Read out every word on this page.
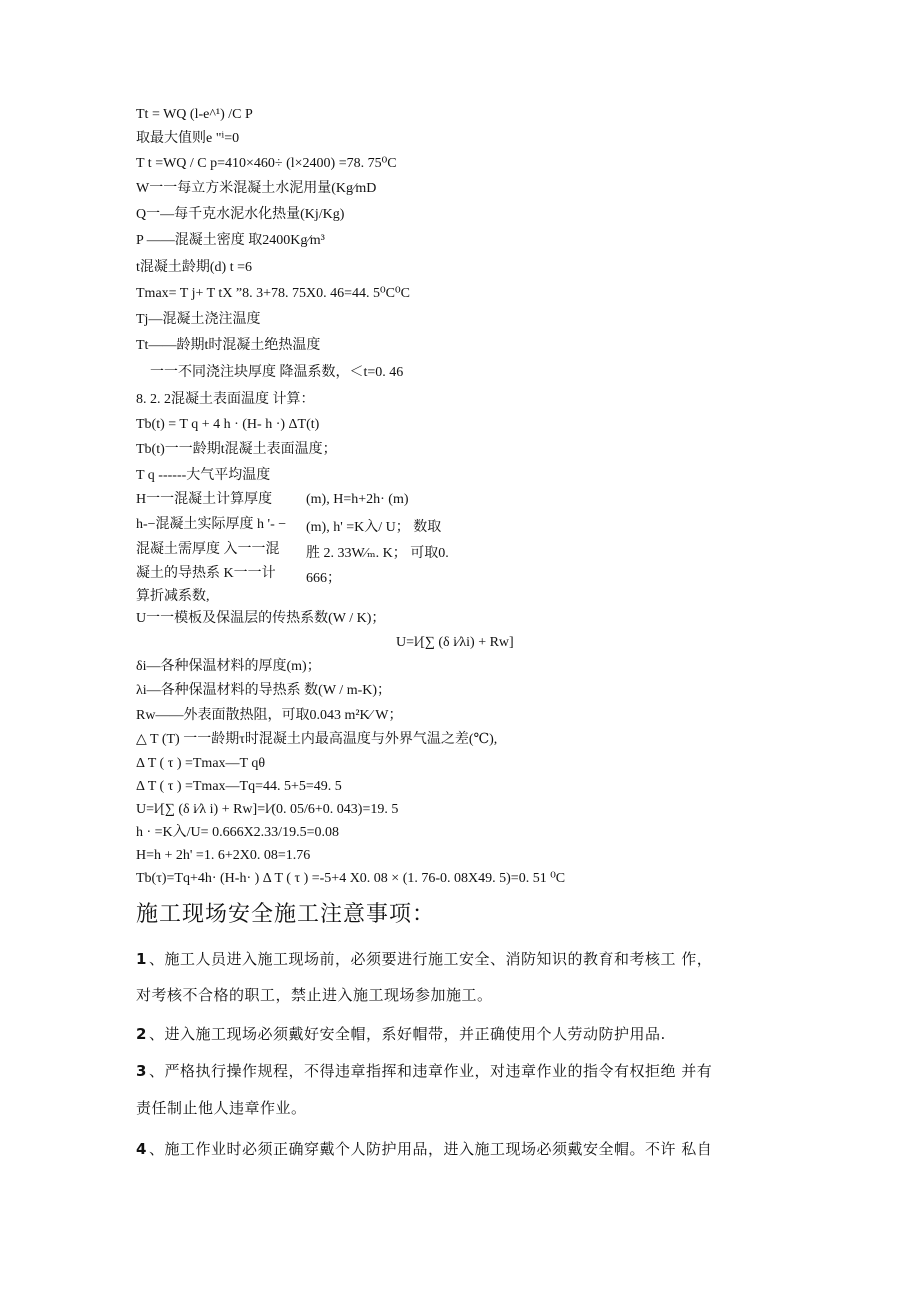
Tt = WQ (l-e^¹) /C P
取最大值则e "ⁱ=0
T t =WQ / C p=410×460÷ (l×2400) =78. 75⁰C
W一一每立方米混凝土水泥用量(Kg⁄mD
Q一—每千克水泥水化热量(Kj/Kg)
P ——混凝土密度 取2400Kg⁄m³
t混凝土龄期(d) t =6
Tmax= T j+ T tX ”8. 3+78. 75X0. 46=44. 5⁰C⁰C
Tj—混凝土浇注温度
Tt——龄期t时混凝土绝热温度
一一不同浇注块厚度 降温系数，＜t=0. 46
8. 2. 2混凝土表面温度 计算：
Tb(t) = T q + 4 h · (H- h ·) ΔT(t)
Tb(t)一一龄期t混凝土表面温度；
T q ------大气平均温度
H一一混凝土计算厚度 (m), H=h+2h· (m)
h-−混凝土实际厚度 h '- − (m), h' =K入/ U； 数取
混凝土需厚度 入一一混 胜 2. 33W⁄ₘ. K； 可取0.
凝土的导热系 K一一计 666；
算折减系数,
U一一模板及保温层的传热系数(W / K)；
U=l⁄[∑ (δ i⁄λi) + Rw]
δi—各种保温材料的厚度(m)；
λi—各种保温材料的导热系 数(W / m-K)；
Rw——外表面散热阻，可取0.043 m²K⁄ W；
△ T (T) 一一龄期τ时混凝土内最高温度与外界气温之差(℃),
Δ T ( τ ) =Tmax—T qθ
Δ T ( τ ) =Tmax—Tq=44. 5+5=49. 5
U=l⁄[∑ (δ i⁄λ i) + Rw]=l⁄(0. 05/6+0. 043)=19. 5
h · =K入/U= 0.666X2.33/19.5=0.08
H=h + 2h' =1. 6+2X0. 08=1.76
Tb(τ)=Tq+4h· (H-h· ) Δ T ( τ ) =-5+4 X0. 08 × (1. 76-0. 08X49. 5)=0. 51 ⁰C
施工现场安全施工注意事项：
1 、施工人员进入施工现场前，必须要进行施工安全、消防知识的教育和考核工 作，
对考核不合格的职工，禁止进入施工现场参加施工。
2 、进入施工现场必须戴好安全帽，系好帽带，并正确使用个人劳动防护用品.
3 、严格执行操作规程，不得违章指挥和违章作业，对违章作业的指令有权拒绝 并有
责任制止他人违章作业。
4 、施工作业时必须正确穿戴个人防护用品，进入施工现场必须戴安全帽。不许 私自
